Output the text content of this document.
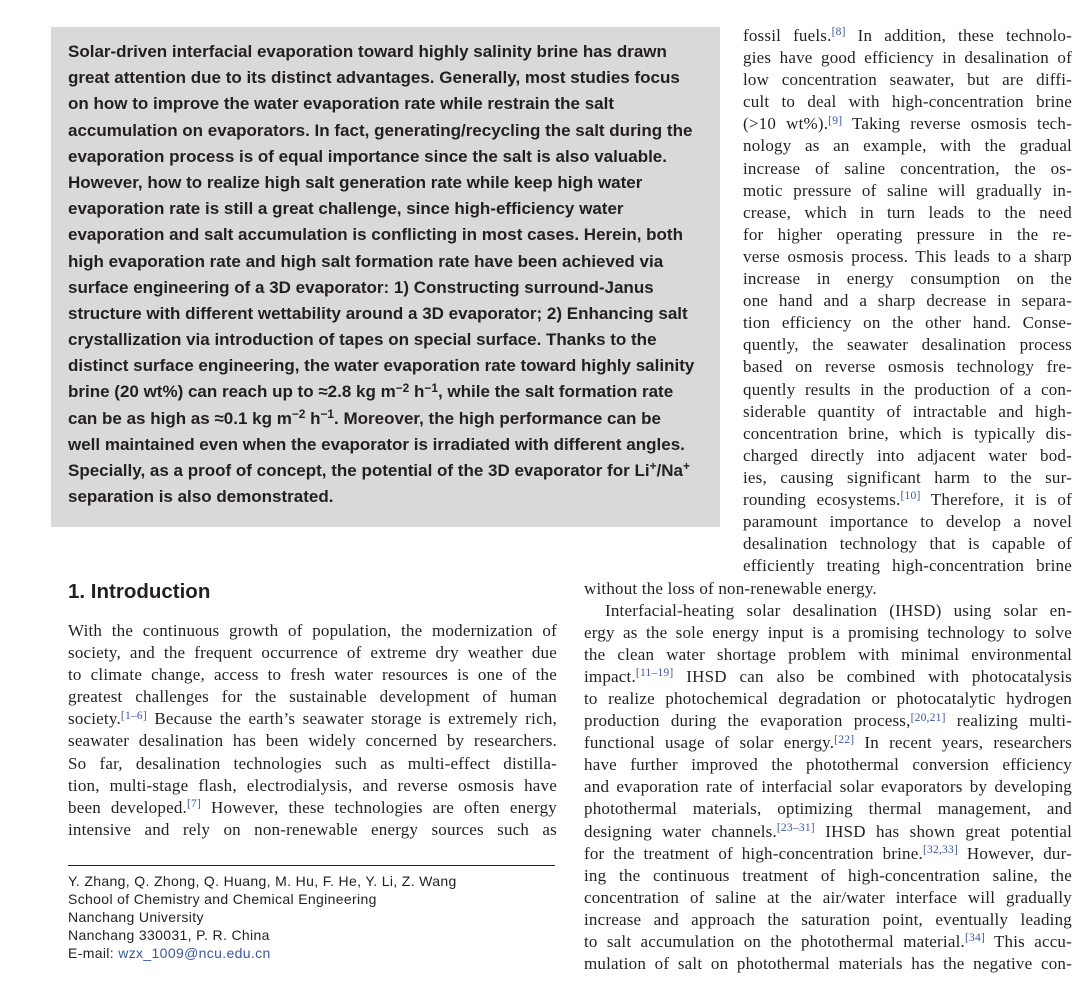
Solar-driven interfacial evaporation toward highly salinity brine has drawn
great attention due to its distinct advantages. Generally, most studies focus
on how to improve the water evaporation rate while restrain the salt
accumulation on evaporators. In fact, generating/recycling the salt during the
evaporation process is of equal importance since the salt is also valuable.
However, how to realize high salt generation rate while keep high water
evaporation rate is still a great challenge, since high-efficiency water
evaporation and salt accumulation is conflicting in most cases. Herein, both
high evaporation rate and high salt formation rate have been achieved via
surface engineering of a 3D evaporator: 1) Constructing surround-Janus
structure with different wettability around a 3D evaporator; 2) Enhancing salt
crystallization via introduction of tapes on special surface. Thanks to the
distinct surface engineering, the water evaporation rate toward highly salinity
brine (20 wt%) can reach up to ≈2.8 kg $m^{-2}$ $h^{-1}$, while the salt formation rate
can be as high as ≈0.1 kg $m^{-2}$ $h^{-1}$. Moreover, the high performance can be
well maintained even when the evaporator is irradiated with different angles.
Specially, as a proof of concept, the potential of the 3D evaporator for Li+/Na+
separation is also demonstrated.
fossil fuels.[8] In addition, these technolo-
gies have good efficiency in desalination of
low concentration seawater, but are diffi-
cult to deal with high-concentration brine
(>10 wt%).[9] Taking reverse osmosis tech-
nology as an example, with the gradual
increase of saline concentration, the os-
motic pressure of saline will gradually in-
crease, which in turn leads to the need
for higher operating pressure in the re-
verse osmosis process. This leads to a sharp
increase in energy consumption on the
one hand and a sharp decrease in separa-
tion efficiency on the other hand. Conse-
quently, the seawater desalination process
based on reverse osmosis technology fre-
quently results in the production of a con-
siderable quantity of intractable and high-
concentration brine, which is typically dis-
charged directly into adjacent water bod-
ies, causing significant harm to the sur-
rounding ecosystems.[10] Therefore, it is of
paramount importance to develop a novel
desalination technology that is capable of
efficiently treating high-concentration brine
without the loss of non-renewable energy.
Interfacial-heating solar desalination (IHSD) using solar en-
ergy as the sole energy input is a promising technology to solve
the clean water shortage problem with minimal environmental
impact.[11–19] IHSD can also be combined with photocatalysis
to realize photochemical degradation or photocatalytic hydrogen
production during the evaporation process,[20,21] realizing multi-
functional usage of solar energy.[22] In recent years, researchers
have further improved the photothermal conversion efficiency
and evaporation rate of interfacial solar evaporators by developing
photothermal materials, optimizing thermal management, and
designing water channels.[23–31] IHSD has shown great potential
for the treatment of high-concentration brine.[32,33] However, dur-
ing the continuous treatment of high-concentration saline, the
concentration of saline at the air/water interface will gradually
increase and approach the saturation point, eventually leading
to salt accumulation on the photothermal material.[34] This accu-
mulation of salt on photothermal materials has the negative con-
1. Introduction
With the continuous growth of population, the modernization of
society, and the frequent occurrence of extreme dry weather due
to climate change, access to fresh water resources is one of the
greatest challenges for the sustainable development of human
society.[1–6] Because the earth’s seawater storage is extremely rich,
seawater desalination has been widely concerned by researchers.
So far, desalination technologies such as multi-effect distilla-
tion, multi-stage flash, electrodialysis, and reverse osmosis have
been developed.[7] However, these technologies are often energy
intensive and rely on non-renewable energy sources such as
Y. Zhang, Q. Zhong, Q. Huang, M. Hu, F. He, Y. Li, Z. Wang
School of Chemistry and Chemical Engineering
Nanchang University
Nanchang 330031, P. R. China
E-mail: wzx_1009@ncu.edu.cn
